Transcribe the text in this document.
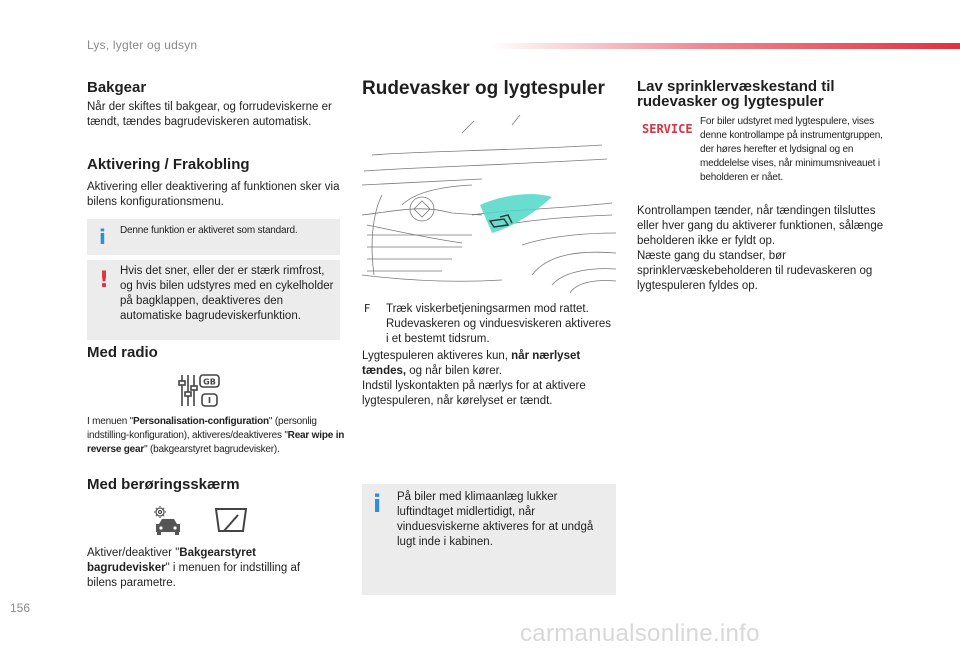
Lys, lygter og udsyn
Bakgear
Når der skiftes til bakgear, og forrudeviskerne er tændt, tændes bagrudeviskeren automatisk.
Aktivering / Frakobling
Aktivering eller deaktivering af funktionen sker via bilens konfigurationsmenu.
i Denne funktion er aktiveret som standard.
! Hvis det sner, eller der er stærk rimfrost, og hvis bilen udstyres med en cykelholder på bagklappen, deaktiveres den automatiske bagrudeviskerfunktion.
Med radio
GB
I menuen "Personalisation-configuration" (personlig indstilling-konfiguration), aktiveres/deaktiveres "Rear wipe in reverse gear" (bakgearstyret bagrudevisker).
Med berøringsskærm
Aktiver/deaktiver "Bakgearstyret bagrudevisker" i menuen for indstilling af bilens parametre.
Rudevasker og lygtespuler
F Træk viskerbetjeningsarmen mod rattet. Rudevaskeren og vinduesviskeren aktiveres i et bestemt tidsrum.
Lygtespuleren aktiveres kun, når nærlyset tændes, og når bilen kører.
Indstil lyskontakten på nærlys for at aktivere lygtespuleren, når kørelyset er tændt.
i På biler med klimaanlæg lukker luftindtaget midlertidigt, når vinduesviskerne aktiveres for at undgå lugt inde i kabinen.
Lav sprinklervæskestand til
rudevasker og lygtespuler
SERVICE
For biler udstyret med lygtespulere, vises denne kontrollampe på instrumentgruppen, der høres herefter et lydsignal og en meddelelse vises, når minimumsniveauet i beholderen er nået.
Kontrollampen tænder, når tændingen tilsluttes eller hver gang du aktiverer funktionen, sålænge beholderen ikke er fyldt op.
Næste gang du standser, bør sprinklervæskebeholderen til rudevaskeren og lygtespuleren fyldes op.
156
carmanualsonline.info
